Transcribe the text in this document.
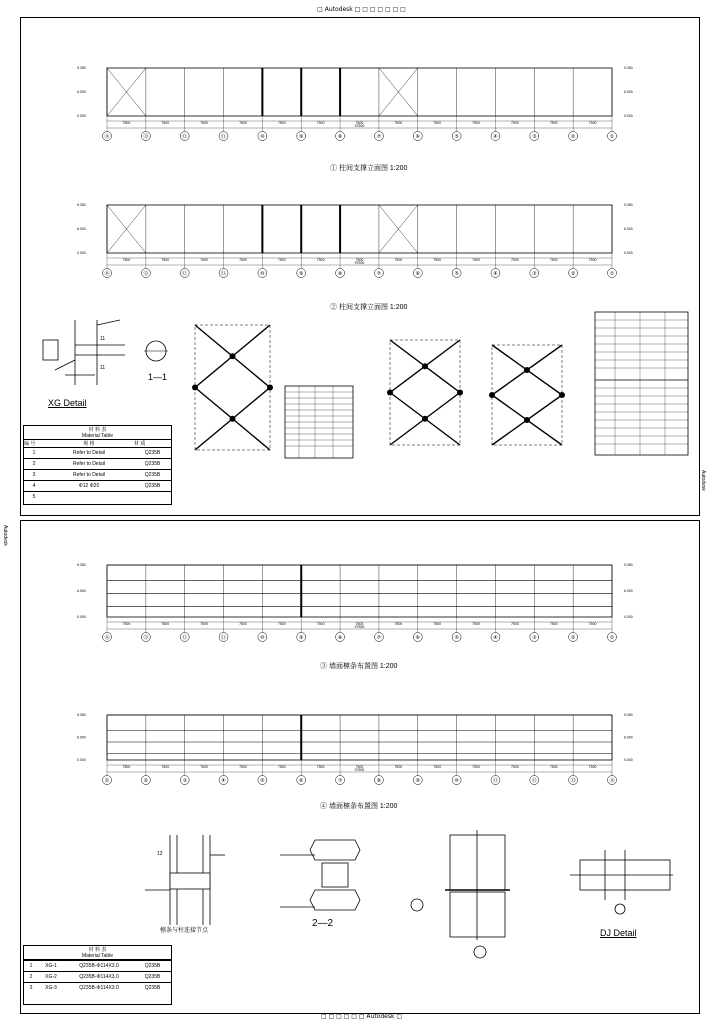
□ Autodesk □ □ □ □ □ □ □
Autodesk
Autodesk
□ □ □ □ □ □ Autodesk □
⑭
7500
⑬
7500
⑫
7500
⑪
7500
⑩
7500
⑨
7500
⑧
7500
⑦
7500
⑥
7500
⑤
7500
④
7500
③
7500
②
7500
①
97500
9.350	9.350
6.000	6.000
0.000	0.000
⑭
7500
⑬
7500
⑫
7500
⑪
7500
⑩
7500
⑨
7500
⑧
7500
⑦
7500
⑥
7500
⑤
7500
④
7500
③
7500
②
7500
①
97500
9.350	9.350
6.000	6.000
0.000	0.000
⑭
7500
⑬
7500
⑫
7500
⑪
7500
⑩
7500
⑨
7500
⑧
7500
⑦
7500
⑥
7500
⑤
7500
④
7500
③
7500
②
7500
①
97500
9.350	9.350
6.000	6.000
0.000	0.000
①
7500
②
7500
③
7500
④
7500
⑤
7500
⑥
7500
⑦
7500
⑧
7500
⑨
7500
⑩
7500
⑪
7500
⑫
7500
⑬
7500
⑭
97500
9.350	9.350
6.000	6.000
0.000	0.000
① 柱间支撑立面图 1:200
② 柱间支撑立面图 1:200
③ 墙面檩条布置图 1:200
④ 墙面檩条布置图 1:200
11
11
XG Detail
1—1
材 料 表
Material Table
编 号	规 格	材 质
1	Refer to Detail	Q235B
2	Refer to Detail	Q235B
3	Refer to Detail	Q235B
4	Φ12 Φ20	Q235B
5
12
檩条与柱连接节点
2—2
DJ Detail
材 料 表
Material Table
1	XG-1	Q235B-Φ114X3.0	Q235B
2	XG-2	Q235B-Φ114X3.0	Q235B
3	XG-3	Q235B-Φ114X3.0	Q235B
